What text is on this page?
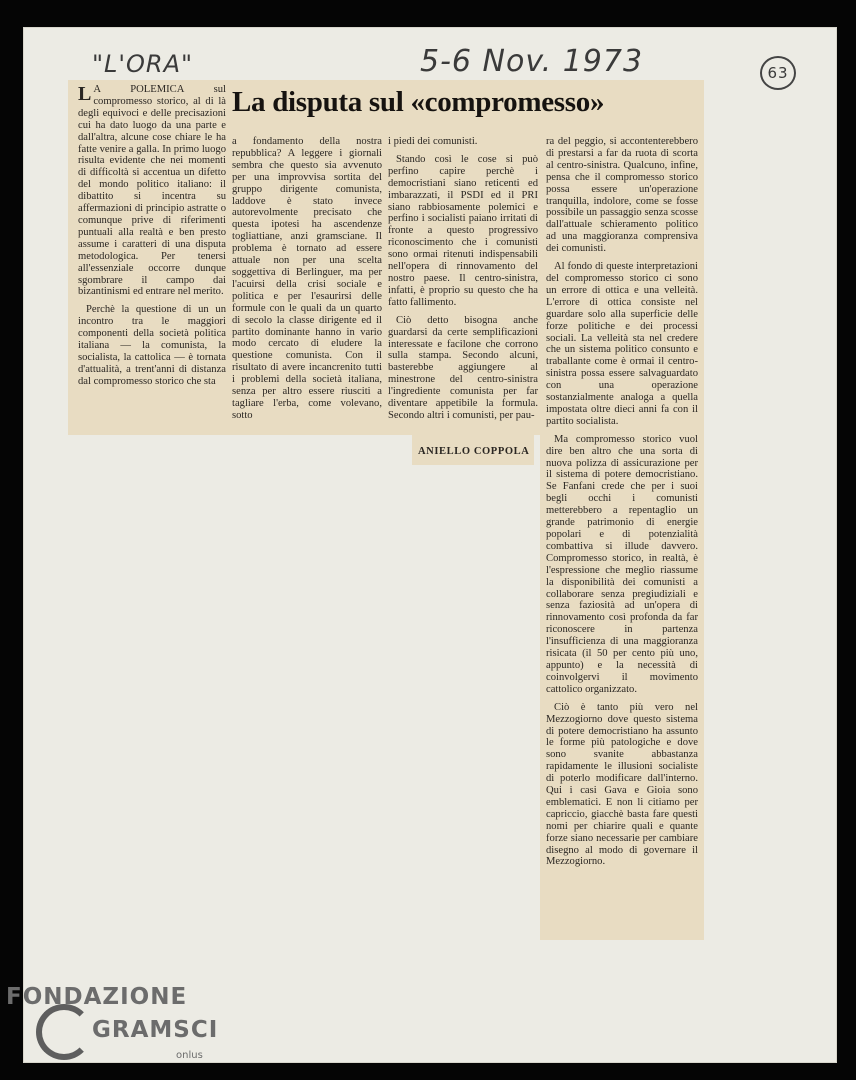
"L'ORA"	5-6 Nov. 1973	63
La disputa sul «compromesso»

L A POLEMICA sul compromesso storico, al di là degli equivoci e delle precisazioni cui ha dato luogo da una parte e dall'altra, alcune cose chiare le ha fatte venire a galla. In primo luogo risulta evidente che nei momenti di difficoltà si accentua un difetto del mondo politico italiano: il dibattito si incentra su affermazioni di principio astratte o comunque prive di riferimenti puntuali alla realtà e ben presto assume i caratteri di una disputa metodologica. Per tenersi all'essenziale occorre dunque sgombrare il campo dai bizantinismi ed entrare nel merito.

Perchè la questione di un un incontro tra le maggiori componenti della società politica italiana — la comunista, la socialista, la cattolica — è tornata d'attualità, a trent'anni di distanza dal compromesso storico che sta

a fondamento della nostra repubblica? A leggere i giornali sembra che questo sia avvenuto per una improvvisa sortita del gruppo dirigente comunista, laddove è stato invece autorevolmente precisato che questa ipotesi ha ascendenze togliattiane, anzi gramsciane. Il problema è tornato ad essere attuale non per una scelta soggettiva di Berlinguer, ma per l'acuirsi della crisi sociale e politica e per l'esaurirsi delle formule con le quali da un quarto di secolo la classe dirigente ed il partito dominante hanno in vario modo cercato di eludere la questione comunista. Con il risultato di avere incancrenito tutti i problemi della società italiana, senza per altro essere riusciti a tagliare l'erba, come volevano, sotto

i piedi dei comunisti.

Stando così le cose si può perfino capire perchè i democristiani siano reticenti ed imbarazzati, il PSDI ed il PRI siano rabbiosamente polemici e perfino i socialisti paiano irritati di fronte a questo progressivo riconoscimento che i comunisti sono ormai ritenuti indispensabili nell'opera di rinnovamento del nostro paese. Il centro-sinistra, infatti, è proprio su questo che ha fatto fallimento.

Ciò detto bisogna anche guardarsi da certe semplificazioni interessate e facilone che corrono sulla stampa. Secondo alcuni, basterebbe aggiungere al minestrone del centro-sinistra l'ingrediente comunista per far diventare appetibile la formula. Secondo altri i comunisti, per pau-

ANIELLO COPPOLA

ra del peggio, si accontenterebbero di prestarsi a far da ruota di scorta al centro-sinistra. Qualcuno, infine, pensa che il compromesso storico possa essere un'operazione tranquilla, indolore, come se fosse possibile un passaggio senza scosse dall'attuale schieramento politico ad una maggioranza comprensiva dei comunisti.

Al fondo di queste interpretazioni del compromesso storico ci sono un errore di ottica e una velleità. L'errore di ottica consiste nel guardare solo alla superficie delle forze politiche e dei processi sociali. La velleità sta nel credere che un sistema politico consunto e traballante come è ormai il centro-sinistra possa essere salvaguardato con una operazione sostanzialmente analoga a quella impostata oltre dieci anni fa con il partito socialista.

Ma compromesso storico vuol dire ben altro che una sorta di nuova polizza di assicurazione per il sistema di potere democristiano. Se Fanfani crede che per i suoi begli occhi i comunisti metterebbero a repentaglio un grande patrimonio di energie popolari e di potenzialità combattiva si illude davvero. Compromesso storico, in realtà, è l'espressione che meglio riassume la disponibilità dei comunisti a collaborare senza pregiudiziali e senza faziosità ad un'opera di rinnovamento così profonda da far riconoscere in partenza l'insufficienza di una maggioranza risicata (il 50 per cento più uno, appunto) e la necessità di coinvolgervi il movimento cattolico organizzato.

Ciò è tanto più vero nel Mezzogiorno dove questo sistema di potere democristiano ha assunto le forme più patologiche e dove sono svanite abbastanza rapidamente le illusioni socialiste di poterlo modificare dall'interno. Qui i casi Gava e Gioia sono emblematici. E non li citiamo per capriccio, giacchè basta fare questi nomi per chiarire quali e quante forze siano necessarie per cambiare disegno al modo di governare il Mezzogiorno.

FONDAZIONE
GRAMSCI
onlus
